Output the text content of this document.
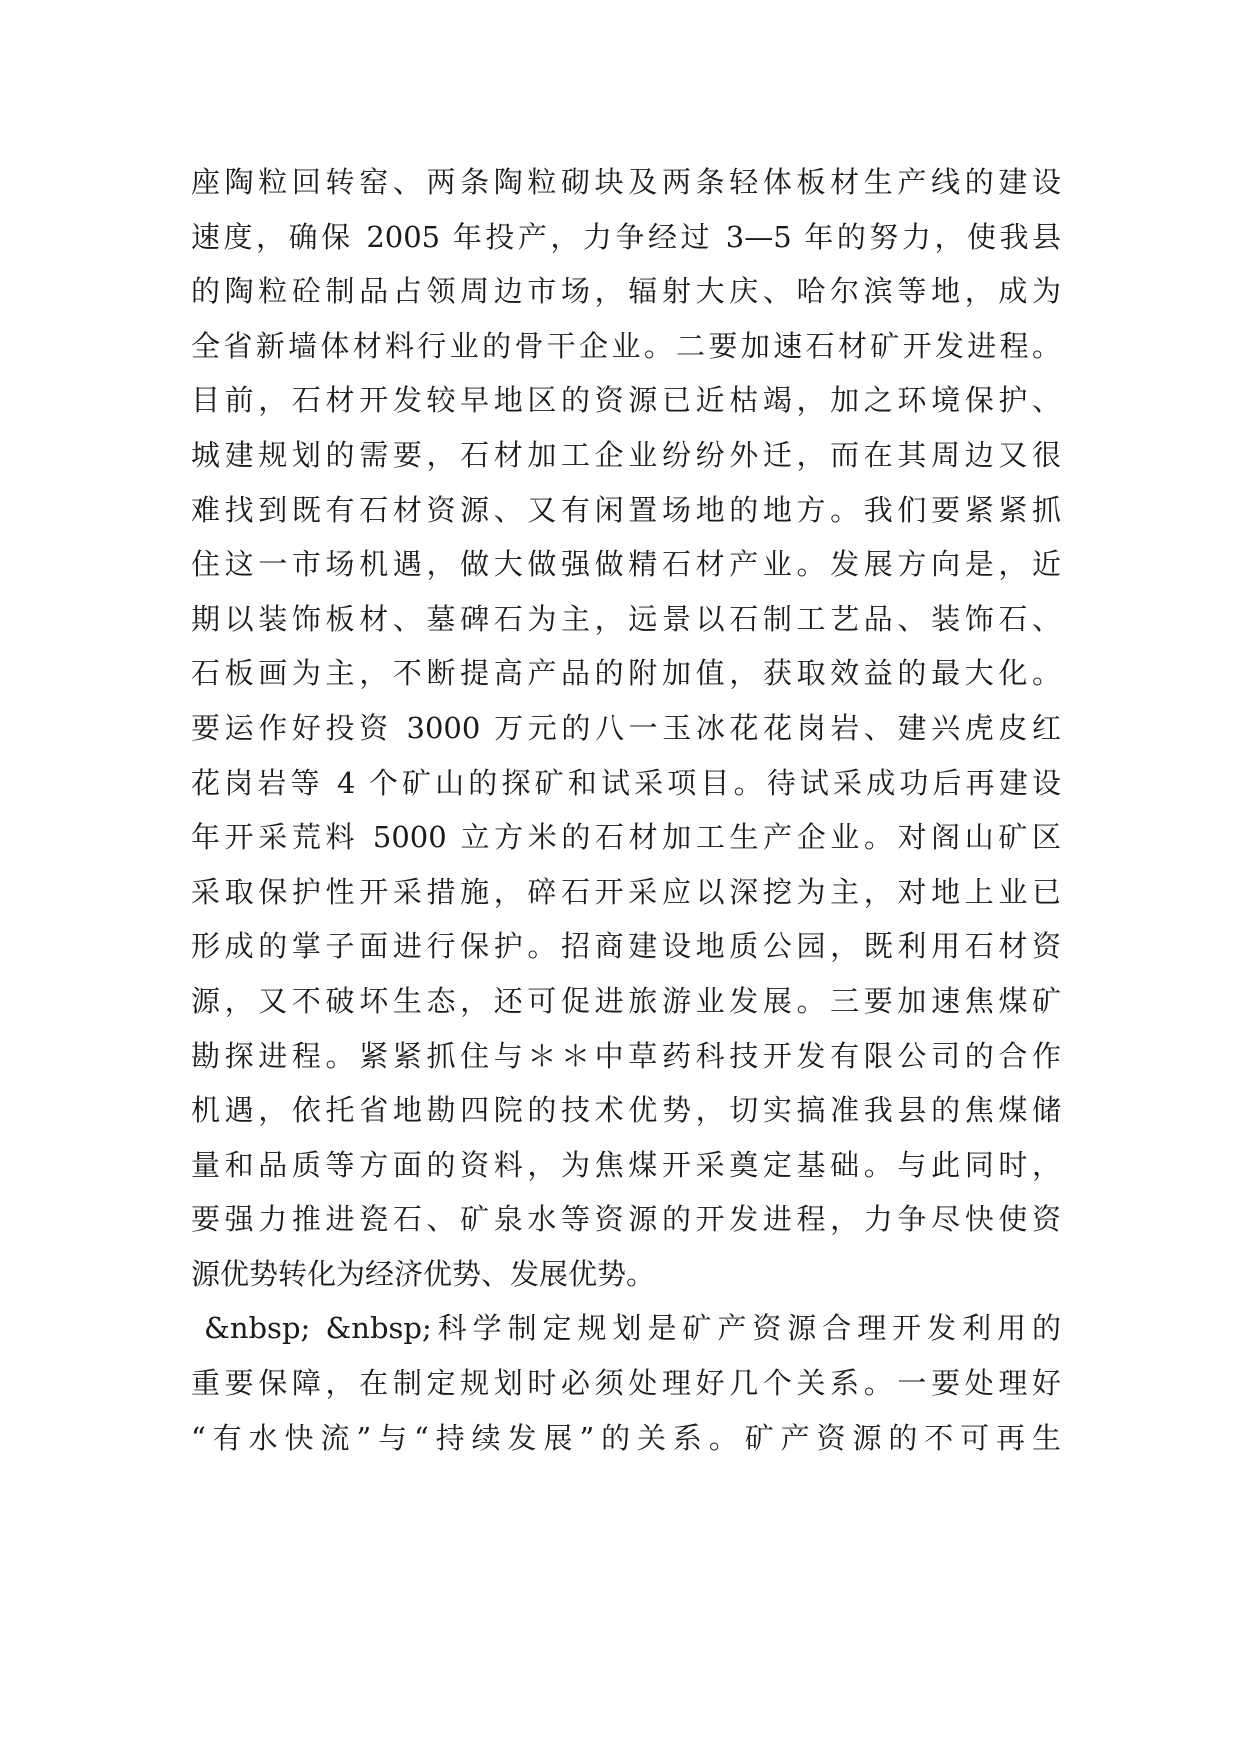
座陶粒回转窑、两条陶粒砌块及两条轻体板材生产线的建设
速度，确保 2005 年投产，力争经过 3—5 年的努力，使我县
的陶粒砼制品占领周边市场，辐射大庆、哈尔滨等地，成为
全省新墙体材料行业的骨干企业。二要加速石材矿开发进程。
目前，石材开发较早地区的资源已近枯竭，加之环境保护、
城建规划的需要，石材加工企业纷纷外迁，而在其周边又很
难找到既有石材资源、又有闲置场地的地方。我们要紧紧抓
住这一市场机遇，做大做强做精石材产业。发展方向是，近
期以装饰板材、墓碑石为主，远景以石制工艺品、装饰石、
石板画为主，不断提高产品的附加值，获取效益的最大化。
要运作好投资 3000 万元的八一玉冰花花岗岩、建兴虎皮红
花岗岩等 4 个矿山的探矿和试采项目。待试采成功后再建设
年开采荒料 5000 立方米的石材加工生产企业。对阁山矿区
采取保护性开采措施，碎石开采应以深挖为主，对地上业已
形成的掌子面进行保护。招商建设地质公园，既利用石材资
源，又不破坏生态，还可促进旅游业发展。三要加速焦煤矿
勘探进程。紧紧抓住与＊＊中草药科技开发有限公司的合作
机遇，依托省地勘四院的技术优势，切实搞准我县的焦煤储
量和品质等方面的资料，为焦煤开采奠定基础。与此同时，
要强力推进瓷石、矿泉水等资源的开发进程，力争尽快使资
源优势转化为经济优势、发展优势。
&nbsp; &nbsp;科学制定规划是矿产资源合理开发利用的
重要保障，在制定规划时必须处理好几个关系。一要处理好
“有水快流”与“持续发展”的关系。矿产资源的不可再生
